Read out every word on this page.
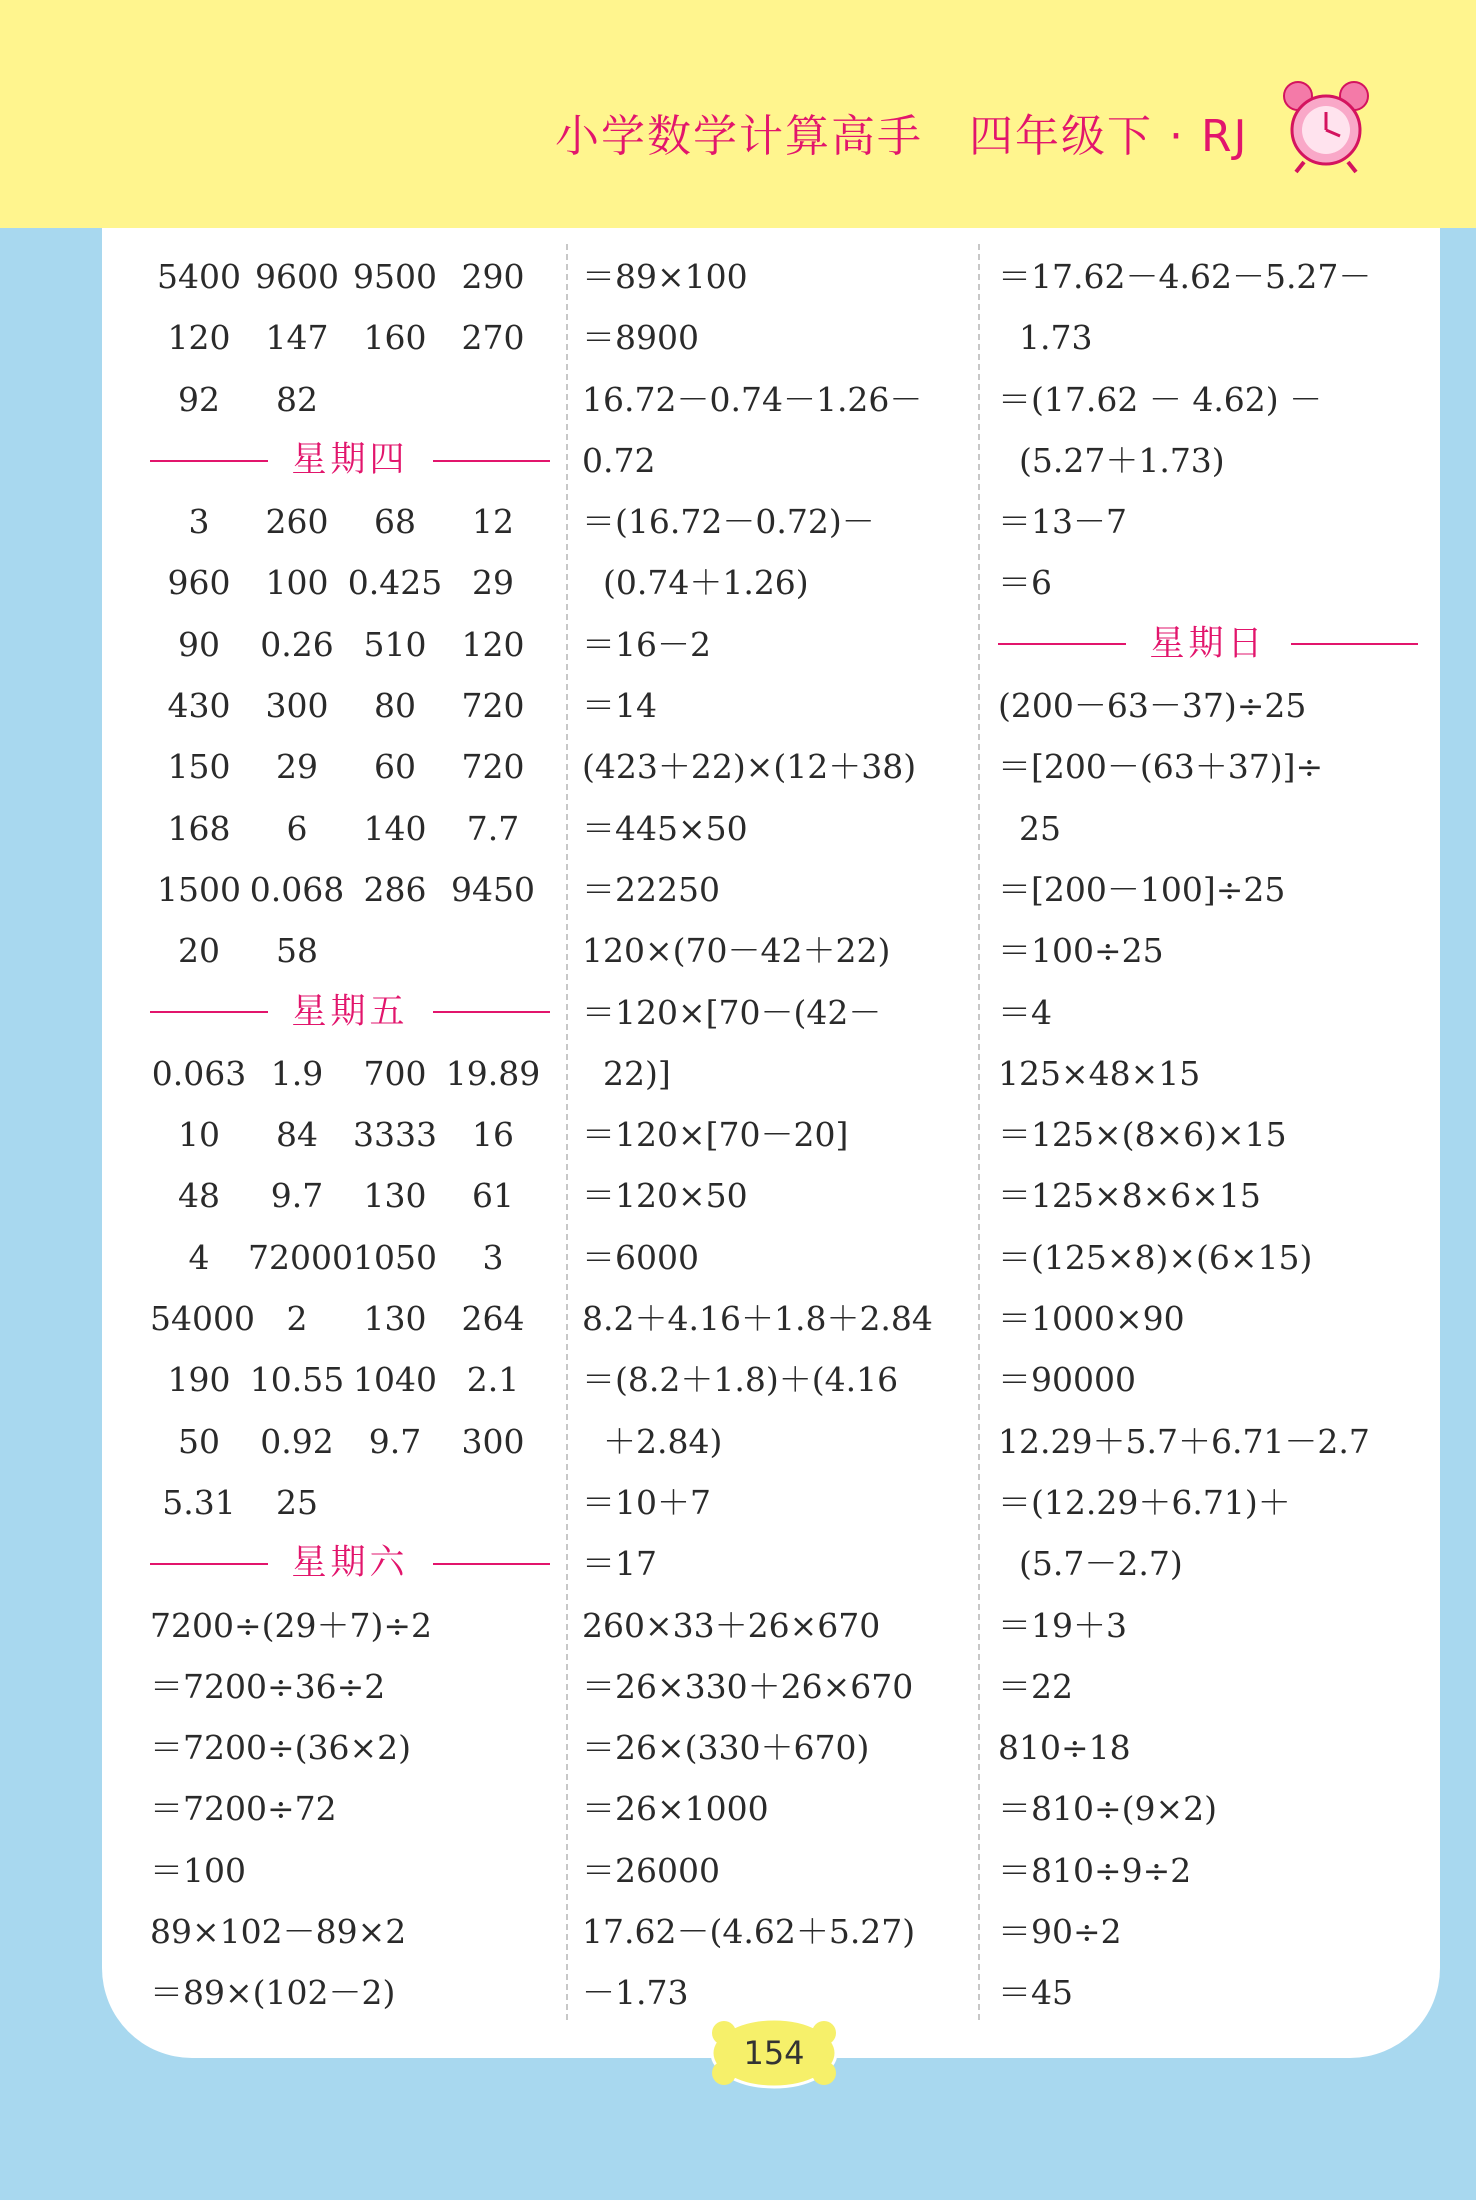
小学数学计算高手　四年级下 · RJ
5400 9600 9500 290
120	147	160	270
92	82
星期四
3	260	68	12
960	100 0.425 29
90	0.26 510	120
430	300	80	720
150	29	60	720
168	6	140	7.7
1500 0.068 286 9450
20	58
星期五
0.063 1.9	700 19.89
10	84	3333	16
48	9.7	130	61
4	72000 1050	3
54000 2	130	264
190 10.55 1040 2.1
50	0.92	9.7	300
5.31	25
星期六
7200÷(29＋7)÷2
＝7200÷36÷2
＝7200÷(36×2)
＝7200÷72
＝100
89×102－89×2
＝89×(102－2)
＝89×100
＝8900
16.72－0.74－1.26－
0.72
＝(16.72－0.72)－
(0.74＋1.26)
＝16－2
＝14
(423＋22)×(12＋38)
＝445×50
＝22250
120×(70－42＋22)
＝120×[70－(42－
22)]
＝120×[70－20]
＝120×50
＝6000
8.2＋4.16＋1.8＋2.84
＝(8.2＋1.8)＋(4.16
＋2.84)
＝10＋7
＝17
260×33＋26×670
＝26×330＋26×670
＝26×(330＋670)
＝26×1000
＝26000
17.62－(4.62＋5.27)
－1.73
＝17.62－4.62－5.27－
1.73
＝(17.62 － 4.62) －
(5.27＋1.73)
＝13－7
＝6
星期日
(200－63－37)÷25
＝[200－(63＋37)]÷
25
＝[200－100]÷25
＝100÷25
＝4
125×48×15
＝125×(8×6)×15
＝125×8×6×15
＝(125×8)×(6×15)
＝1000×90
＝90000
12.29＋5.7＋6.71－2.7
＝(12.29＋6.71)＋
(5.7－2.7)
＝19＋3
＝22
810÷18
＝810÷(9×2)
＝810÷9÷2
＝90÷2
＝45
154
